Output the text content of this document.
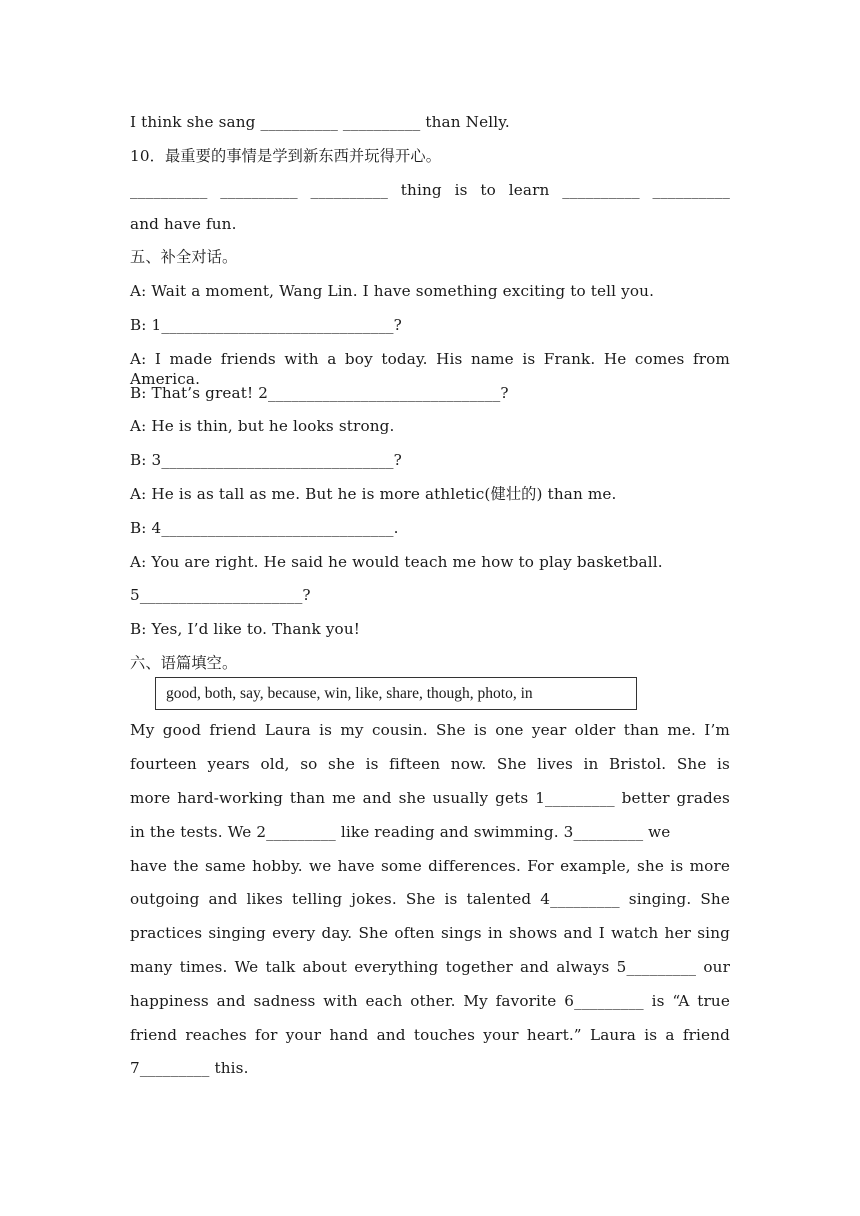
I think she sang __________ __________ than Nelly.
10．最重要的事情是学到新东西并玩得开心。
__________ __________ __________ thing is to learn __________ __________
and have fun.
五、补全对话。
A: Wait a moment, Wang Lin. I have something exciting to tell you.
B: 1______________________________?
A: I made friends with a boy today. His name is Frank. He comes from America.
B: That’s great! 2______________________________?
A: He is thin, but he looks strong.
B: 3______________________________?
A: He is as tall as me. But he is more athletic(健壮的) than me.
B: 4______________________________.
A: You are right. He said he would teach me how to play basketball.
5_____________________?
B: Yes, I’d like to. Thank you!
六、语篇填空。
good, both, say, because, win, like, share, though, photo, in
My good friend Laura is my cousin. She is one year older than me. I’m
fourteen years old, so she is fifteen now. She lives in Bristol. She is
more hard-working than me and she usually gets 1_________ better grades
in the tests. We 2_________ like reading and swimming. 3_________ we
have the same hobby. we have some differences. For example, she is more
outgoing and likes telling jokes. She is talented 4_________ singing. She
practices singing every day. She often sings in shows and I watch her sing
many times. We talk about everything together and always 5_________ our
happiness and sadness with each other. My favorite 6_________ is “A true
friend reaches for your hand and touches your heart.” Laura is a friend
7_________ this.
